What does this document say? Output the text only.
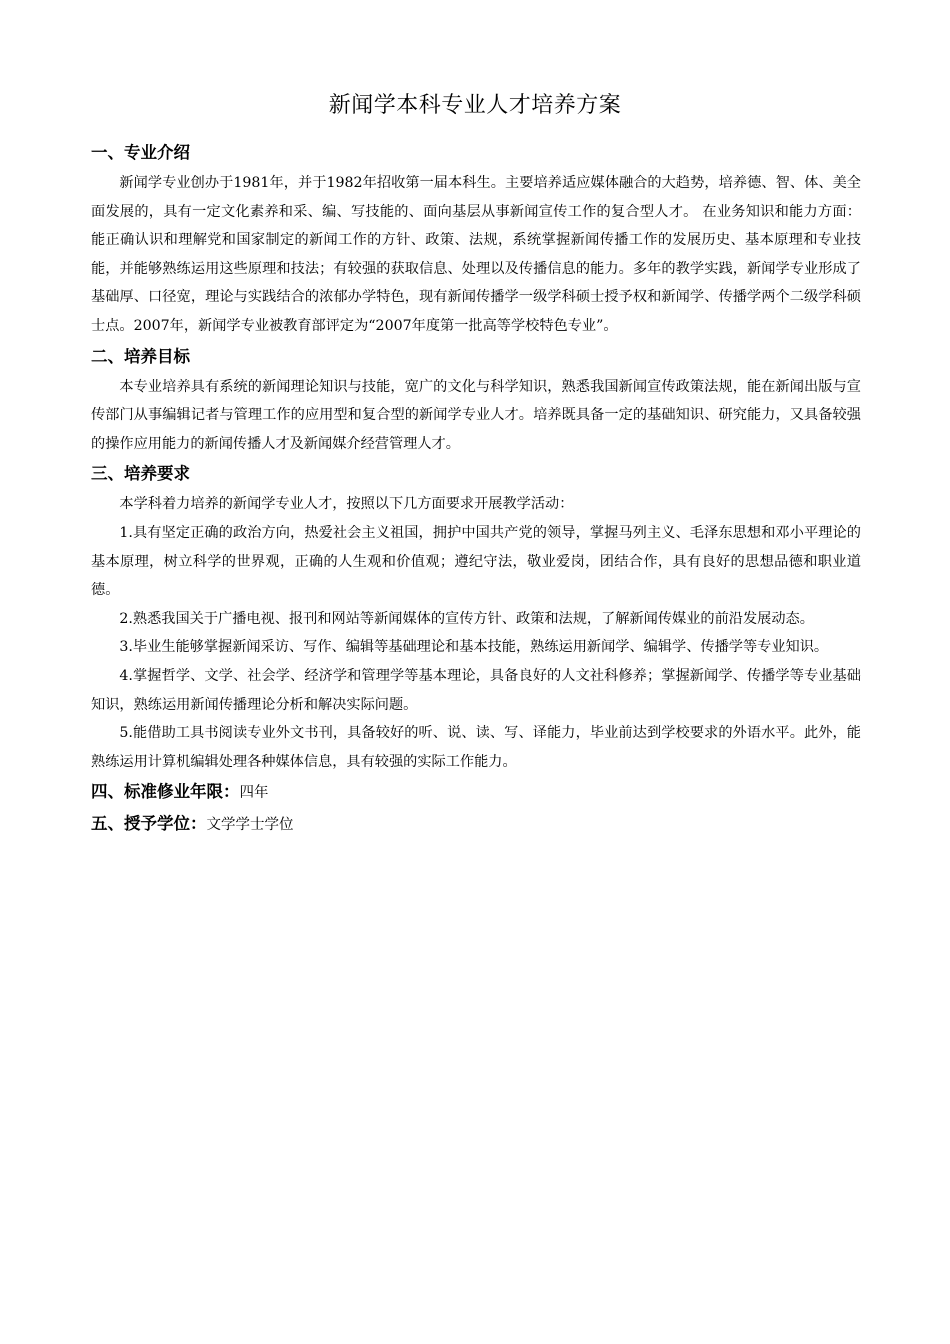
新闻学本科专业人才培养方案
一、专业介绍

新闻学专业创办于1981年，并于1982年招收第一届本科生。主要培养适应媒体融合的大趋势，培养德、智、体、美全面发展的，具有一定文化素养和采、编、写技能的、面向基层从事新闻宣传工作的复合型人才。 在业务知识和能力方面：能正确认识和理解党和国家制定的新闻工作的方针、政策、法规，系统掌握新闻传播工作的发展历史、基本原理和专业技能，并能够熟练运用这些原理和技法；有较强的获取信息、处理以及传播信息的能力。多年的教学实践，新闻学专业形成了基础厚、口径宽，理论与实践结合的浓郁办学特色，现有新闻传播学一级学科硕士授予权和新闻学、传播学两个二级学科硕士点。2007年，新闻学专业被教育部评定为“2007年度第一批高等学校特色专业”。

二、培养目标

本专业培养具有系统的新闻理论知识与技能，宽广的文化与科学知识，熟悉我国新闻宣传政策法规，能在新闻出版与宣传部门从事编辑记者与管理工作的应用型和复合型的新闻学专业人才。培养既具备一定的基础知识、研究能力，又具备较强的操作应用能力的新闻传播人才及新闻媒介经营管理人才。

三、培养要求

本学科着力培养的新闻学专业人才，按照以下几方面要求开展教学活动：

1.具有坚定正确的政治方向，热爱社会主义祖国，拥护中国共产党的领导，掌握马列主义、毛泽东思想和邓小平理论的基本原理，树立科学的世界观，正确的人生观和价值观；遵纪守法，敬业爱岗，团结合作，具有良好的思想品德和职业道德。

2.熟悉我国关于广播电视、报刊和网站等新闻媒体的宣传方针、政策和法规，了解新闻传媒业的前沿发展动态。

3.毕业生能够掌握新闻采访、写作、编辑等基础理论和基本技能，熟练运用新闻学、编辑学、传播学等专业知识。

4.掌握哲学、文学、社会学、经济学和管理学等基本理论，具备良好的人文社科修养；掌握新闻学、传播学等专业基础知识，熟练运用新闻传播理论分析和解决实际问题。

5.能借助工具书阅读专业外文书刊，具备较好的听、说、读、写、译能力，毕业前达到学校要求的外语水平。此外，能熟练运用计算机编辑处理各种媒体信息，具有较强的实际工作能力。

四、标准修业年限：四年
五、授予学位：文学学士学位
